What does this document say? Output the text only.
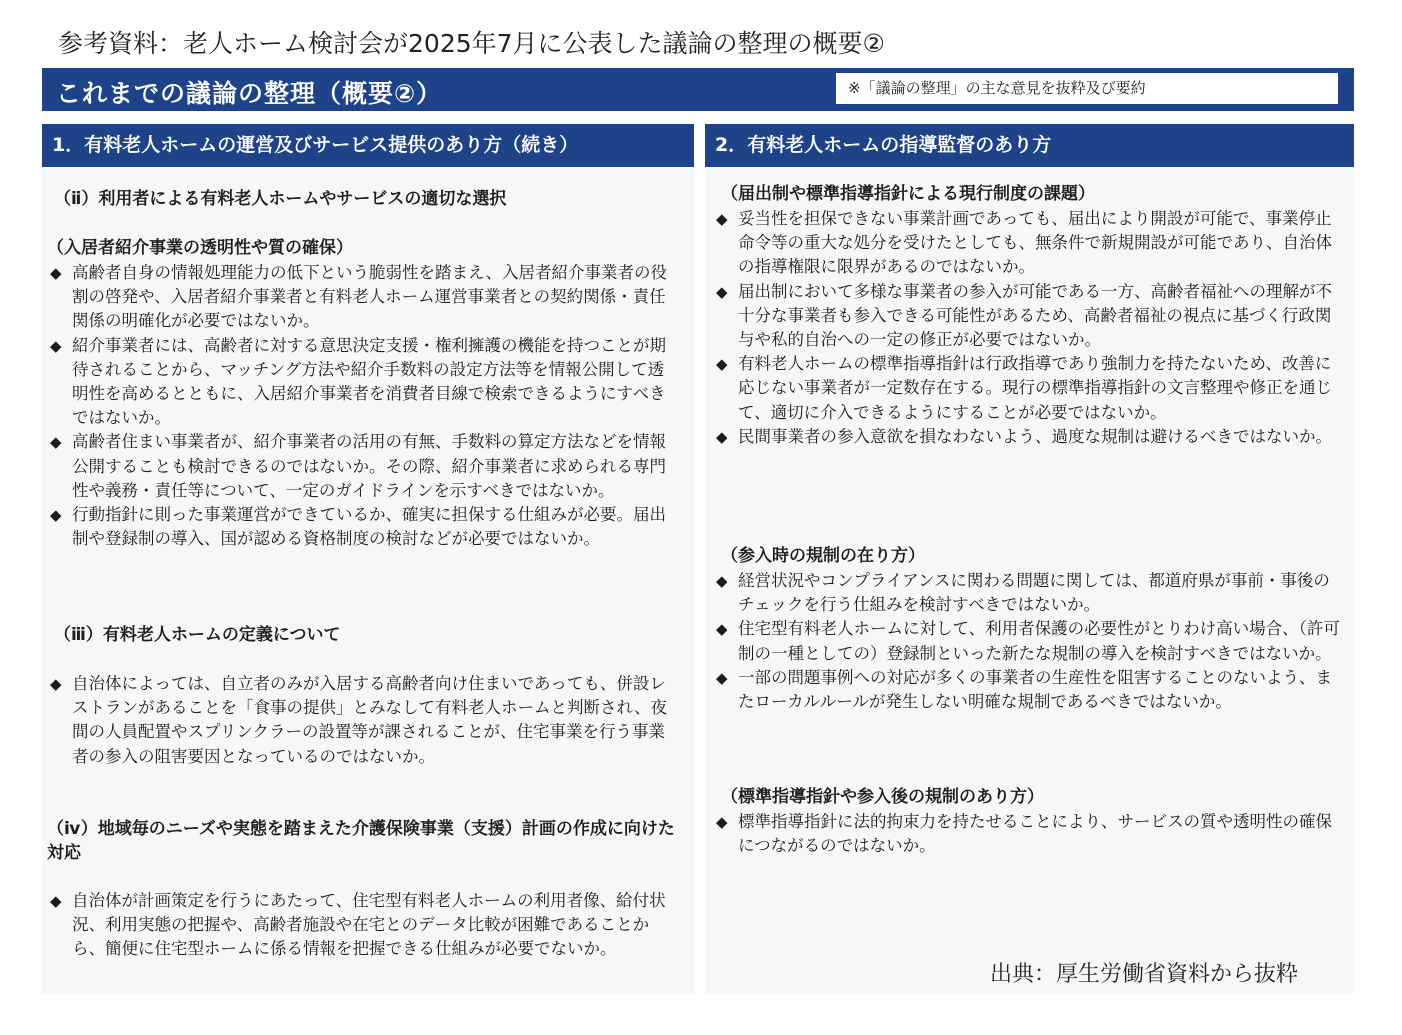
参考資料：老人ホーム検討会が2025年7月に公表した議論の整理の概要②
これまでの議論の整理（概要②）	※「議論の整理」の主な意見を抜粋及び要約
1．有料老人ホームの運営及びサービス提供のあり方（続き）	2．有料老人ホームの指導監督のあり方
（ⅱ）利用者による有料老人ホームやサービスの適切な選択
（入居者紹介事業の透明性や質の確保）
◆ 高齢者自身の情報処理能力の低下という脆弱性を踏まえ、入居者紹介事業者の役割の啓発や、入居者紹介事業者と有料老人ホーム運営事業者との契約関係・責任関係の明確化が必要ではないか。
◆ 紹介事業者には、高齢者に対する意思決定支援・権利擁護の機能を持つことが期待されることから、マッチング方法や紹介手数料の設定方法等を情報公開して透明性を高めるとともに、入居紹介事業者を消費者目線で検索できるようにすべきではないか。
◆ 高齢者住まい事業者が、紹介事業者の活用の有無、手数料の算定方法などを情報公開することも検討できるのではないか。その際、紹介事業者に求められる専門性や義務・責任等について、一定のガイドラインを示すべきではないか。
◆ 行動指針に則った事業運営ができているか、確実に担保する仕組みが必要。届出制や登録制の導入、国が認める資格制度の検討などが必要ではないか。
（ⅲ）有料老人ホームの定義について
◆ 自治体によっては、自立者のみが入居する高齢者向け住まいであっても、併設レストランがあることを「食事の提供」とみなして有料老人ホームと判断され、夜間の人員配置やスプリンクラーの設置等が課されることが、住宅事業を行う事業者の参入の阻害要因となっているのではないか。
（ⅳ）地域毎のニーズや実態を踏まえた介護保険事業（支援）計画の作成に向けた対応
◆ 自治体が計画策定を行うにあたって、住宅型有料老人ホームの利用者像、給付状況、利用実態の把握や、高齢者施設や在宅とのデータ比較が困難であることから、簡便に住宅型ホームに係る情報を把握できる仕組みが必要でないか。
（届出制や標準指導指針による現行制度の課題）
◆ 妥当性を担保できない事業計画であっても、届出により開設が可能で、事業停止命令等の重大な処分を受けたとしても、無条件で新規開設が可能であり、自治体の指導権限に限界があるのではないか。
◆ 届出制において多様な事業者の参入が可能である一方、高齢者福祉への理解が不十分な事業者も参入できる可能性があるため、高齢者福祉の視点に基づく行政関与や私的自治への一定の修正が必要ではないか。
◆ 有料老人ホームの標準指導指針は行政指導であり強制力を持たないため、改善に応じない事業者が一定数存在する。現行の標準指導指針の文言整理や修正を通じて、適切に介入できるようにすることが必要ではないか。
◆ 民間事業者の参入意欲を損なわないよう、過度な規制は避けるべきではないか。
（参入時の規制の在り方）
◆ 経営状況やコンプライアンスに関わる問題に関しては、都道府県が事前・事後のチェックを行う仕組みを検討すべきではないか。
◆ 住宅型有料老人ホームに対して、利用者保護の必要性がとりわけ高い場合、（許可制の一種としての）登録制といった新たな規制の導入を検討すべきではないか。
◆ 一部の問題事例への対応が多くの事業者の生産性を阻害することのないよう、またローカルルールが発生しない明確な規制であるべきではないか。
（標準指導指針や参入後の規制のあり方）
◆ 標準指導指針に法的拘束力を持たせることにより、サービスの質や透明性の確保につながるのではないか。
出典：厚生労働省資料から抜粋
